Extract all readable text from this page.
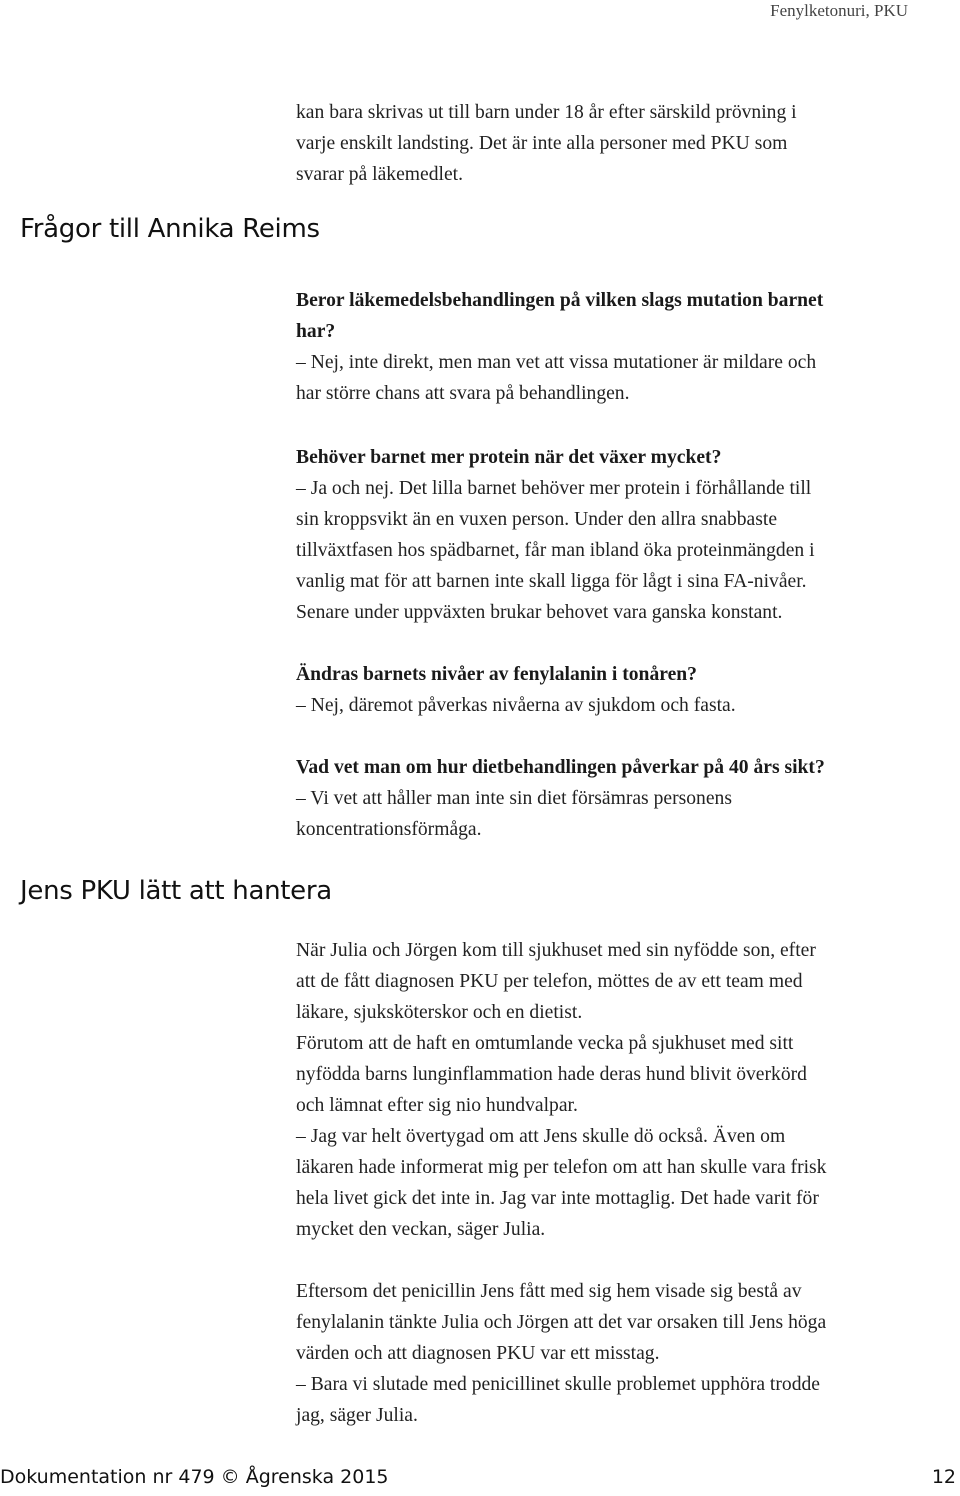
Fenylketonuri, PKU
Frågor till Annika Reims
Jens PKU lätt att hantera

kan bara skrivas ut till barn under 18 år efter särskild prövning i

varje enskilt landsting. Det är inte alla personer med PKU som

svarar på läkemedlet.

Beror läkemedelsbehandlingen på vilken slags mutation barnet

har?

– Nej, inte direkt, men man vet att vissa mutationer är mildare och

har större chans att svara på behandlingen.

Behöver barnet mer protein när det växer mycket?

– Ja och nej. Det lilla barnet behöver mer protein i förhållande till

sin kroppsvikt än en vuxen person. Under den allra snabbaste

tillväxtfasen hos spädbarnet, får man ibland öka proteinmängden i

vanlig mat för att barnen inte skall ligga för lågt i sina FA-nivåer.

Senare under uppväxten brukar behovet vara ganska konstant.

Ändras barnets nivåer av fenylalanin i tonåren?

– Nej, däremot påverkas nivåerna av sjukdom och fasta.

Vad vet man om hur dietbehandlingen påverkar på 40 års sikt?

– Vi vet att håller man inte sin diet försämras personens

koncentrationsförmåga.

När Julia och Jörgen kom till sjukhuset med sin nyfödde son, efter

att de fått diagnosen PKU per telefon, möttes de av ett team med

läkare, sjuksköterskor och en dietist.

Förutom att de haft en omtumlande vecka på sjukhuset med sitt

nyfödda barns lunginflammation hade deras hund blivit överkörd

och lämnat efter sig nio hundvalpar.

– Jag var helt övertygad om att Jens skulle dö också. Även om

läkaren hade informerat mig per telefon om att han skulle vara frisk

hela livet gick det inte in. Jag var inte mottaglig. Det hade varit för

mycket den veckan, säger Julia.

Eftersom det penicillin Jens fått med sig hem visade sig bestå av

fenylalanin tänkte Julia och Jörgen att det var orsaken till Jens höga

värden och att diagnosen PKU var ett misstag.

– Bara vi slutade med penicillinet skulle problemet upphöra trodde

jag, säger Julia.

Dokumentation nr 479 © Ågrenska 2015	12
